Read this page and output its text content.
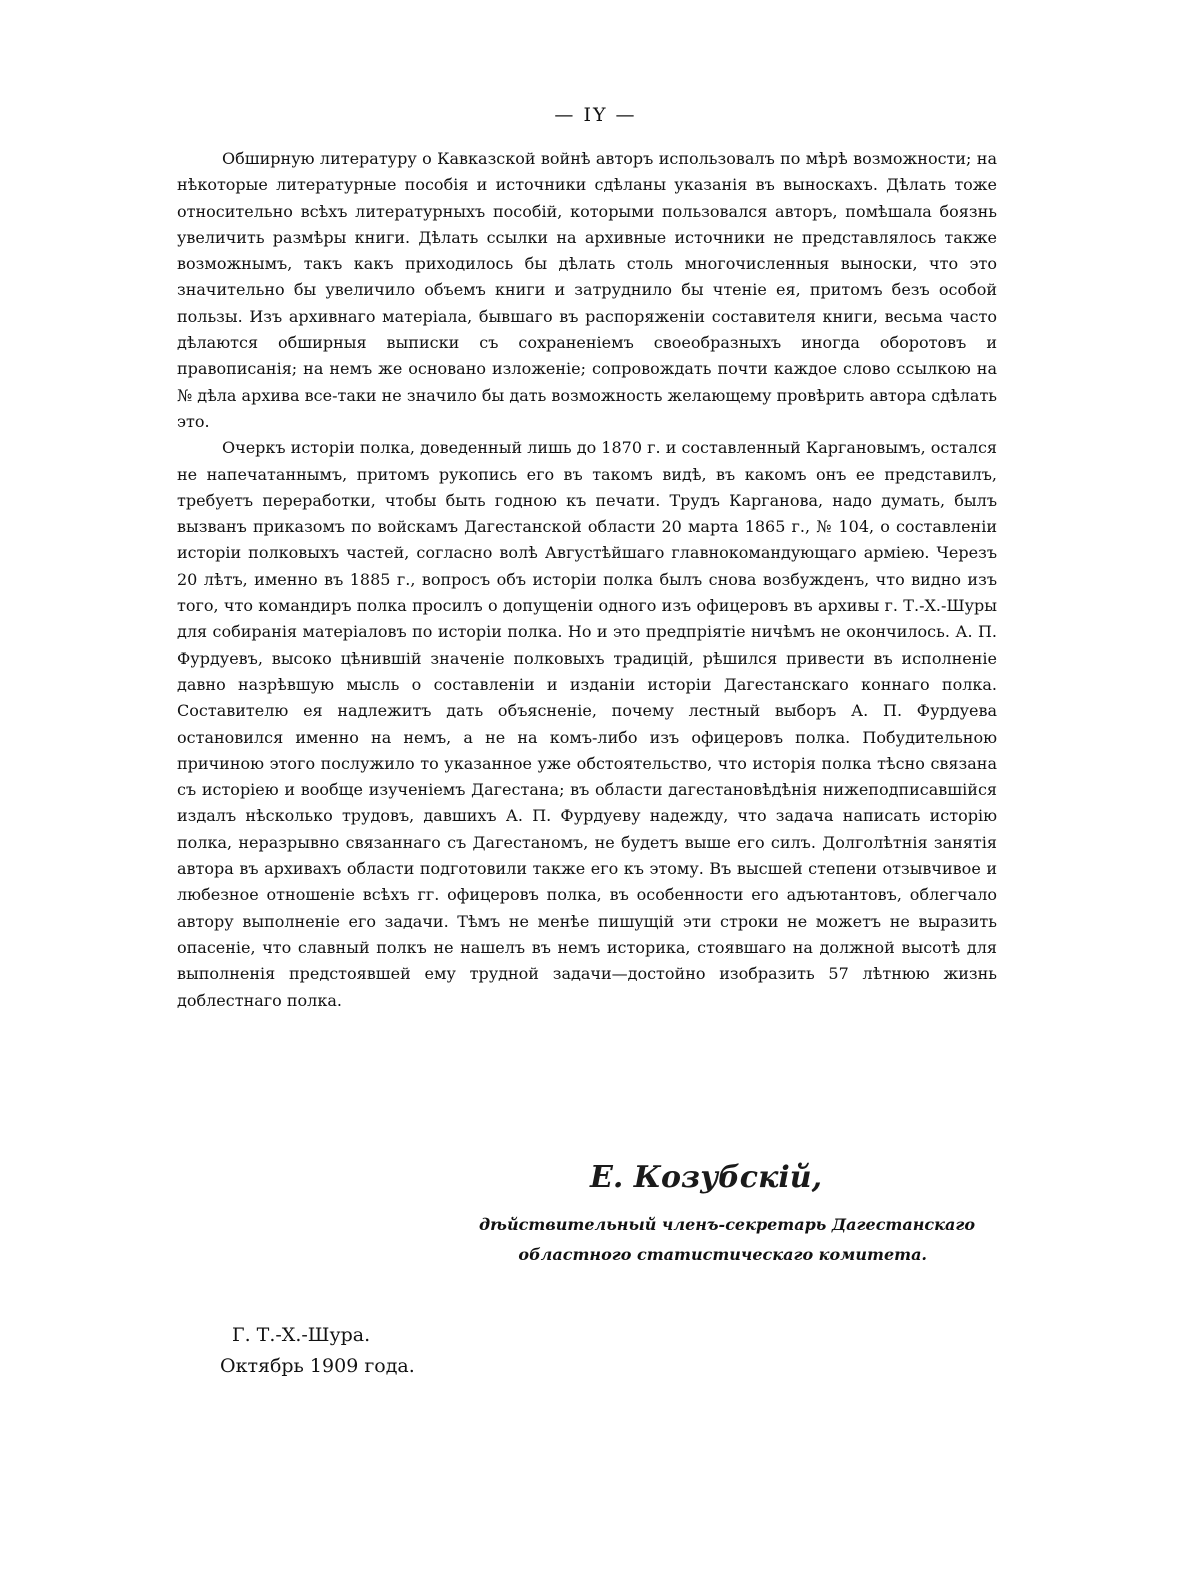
— IY —

Обширную литературу о Кавказской войнѣ авторъ использовалъ по мѣрѣ возможности; на нѣкоторые литературные пособія и источники сдѣланы указанія въ выноскахъ. Дѣлать тоже относительно всѣхъ литературныхъ пособій, которыми пользовался авторъ, помѣшала боязнь увеличить размѣры книги. Дѣлать ссылки на архивные источники не представлялось также возможнымъ, такъ какъ приходилось бы дѣлать столь многочисленныя выноски, что это значительно бы увеличило объемъ книги и затруднило бы чтеніе ея, притомъ безъ особой пользы. Изъ архивнаго матеріала, бывшаго въ распоряженіи составителя книги, весьма часто дѣлаются обширныя выписки съ сохраненіемъ своеобразныхъ иногда оборотовъ и правописанія; на немъ же основано изложеніе; сопровождать почти каждое слово ссылкою на № дѣла архива все-таки не значило бы дать возможность желающему провѣрить автора сдѣлать это.

Очеркъ исторіи полка, доведенный лишь до 1870 г. и составленный Каргановымъ, остался не напечатаннымъ, притомъ рукопись его въ такомъ видѣ, въ какомъ онъ ее представилъ, требуетъ переработки, чтобы быть годною къ печати. Трудъ Карганова, надо думать, былъ вызванъ приказомъ по войскамъ Дагестанской области 20 марта 1865 г., № 104, о составленіи исторіи полковыхъ частей, согласно волѣ Августѣйшаго главнокомандующаго арміею. Черезъ 20 лѣтъ, именно въ 1885 г., вопросъ объ исторіи полка былъ снова возбужденъ, что видно изъ того, что командиръ полка просилъ о допущеніи одного изъ офицеровъ въ архивы г. Т.-Х.-Шуры для собиранія матеріаловъ по исторіи полка. Но и это предпріятіе ничѣмъ не окончилось. А. П. Фурдуевъ, высоко цѣнившій значеніе полковыхъ традицій, рѣшился привести въ исполненіе давно назрѣвшую мысль о составленіи и изданіи исторіи Дагестанскаго коннаго полка. Составителю ея надлежитъ дать объясненіе, почему лестный выборъ А. П. Фурдуева остановился именно на немъ, а не на комъ-либо изъ офицеровъ полка. Побудительною причиною этого послужило то указанное уже обстоятельство, что исторія полка тѣсно связана съ исторіею и вообще изученіемъ Дагестана; въ области дагестановѣдѣнія нижеподписавшійся издалъ нѣсколько трудовъ, давшихъ А. П. Фурдуеву надежду, что задача написать исторію полка, неразрывно связаннаго съ Дагестаномъ, не будетъ выше его силъ. Долголѣтнія занятія автора въ архивахъ области подготовили также его къ этому. Въ высшей степени отзывчивое и любезное отношеніе всѣхъ гг. офицеровъ полка, въ особенности его адъютантовъ, облегчало автору выполненіе его задачи. Тѣмъ не менѣе пишущій эти строки не можетъ не выразить опасеніе, что славный полкъ не нашелъ въ немъ историка, стоявшаго на должной высотѣ для выполненія предстоявшей ему трудной задачи—достойно изобразить 57 лѣтнюю жизнь доблестнаго полка.

Е. Козубскій,
дѣйствительный членъ-секретарь Дагестанскаго
областного статистическаго комитета.
Г. Т.-Х.-Шура.
Октябрь 1909 года.
